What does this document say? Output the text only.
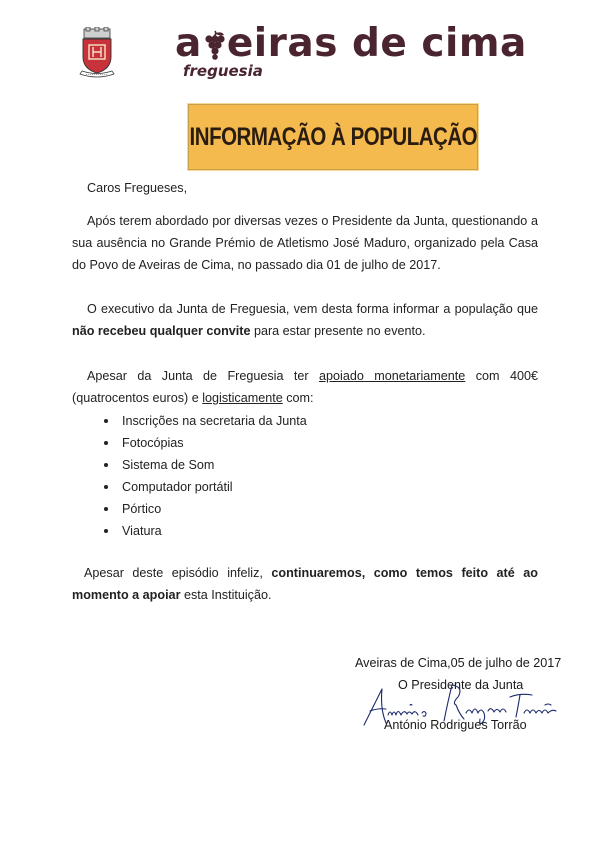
a eiras de cima
freguesia
INFORMAÇÃO À POPULAÇÃO
Caros Fregueses,
Após terem abordado por diversas vezes o Presidente da Junta, questionando a sua ausência no Grande Prémio de Atletismo José Maduro, organizado pela Casa do Povo de Aveiras de Cima, no passado dia 01 de julho de 2017.
O executivo da Junta de Freguesia, vem desta forma informar a população que não recebeu qualquer convite para estar presente no evento.
Apesar da Junta de Freguesia ter apoiado monetariamente com 400€ (quatrocentos euros) e logisticamente com:
Inscrições na secretaria da Junta
Fotocópias
Sistema de Som
Computador portátil
Pórtico
Viatura
Apesar deste episódio infeliz, continuaremos, como temos feito até ao momento a apoiar esta Instituição.
Aveiras de Cima,05 de julho de 2017
O Presidente da Junta
António Rodrigues Torrão
